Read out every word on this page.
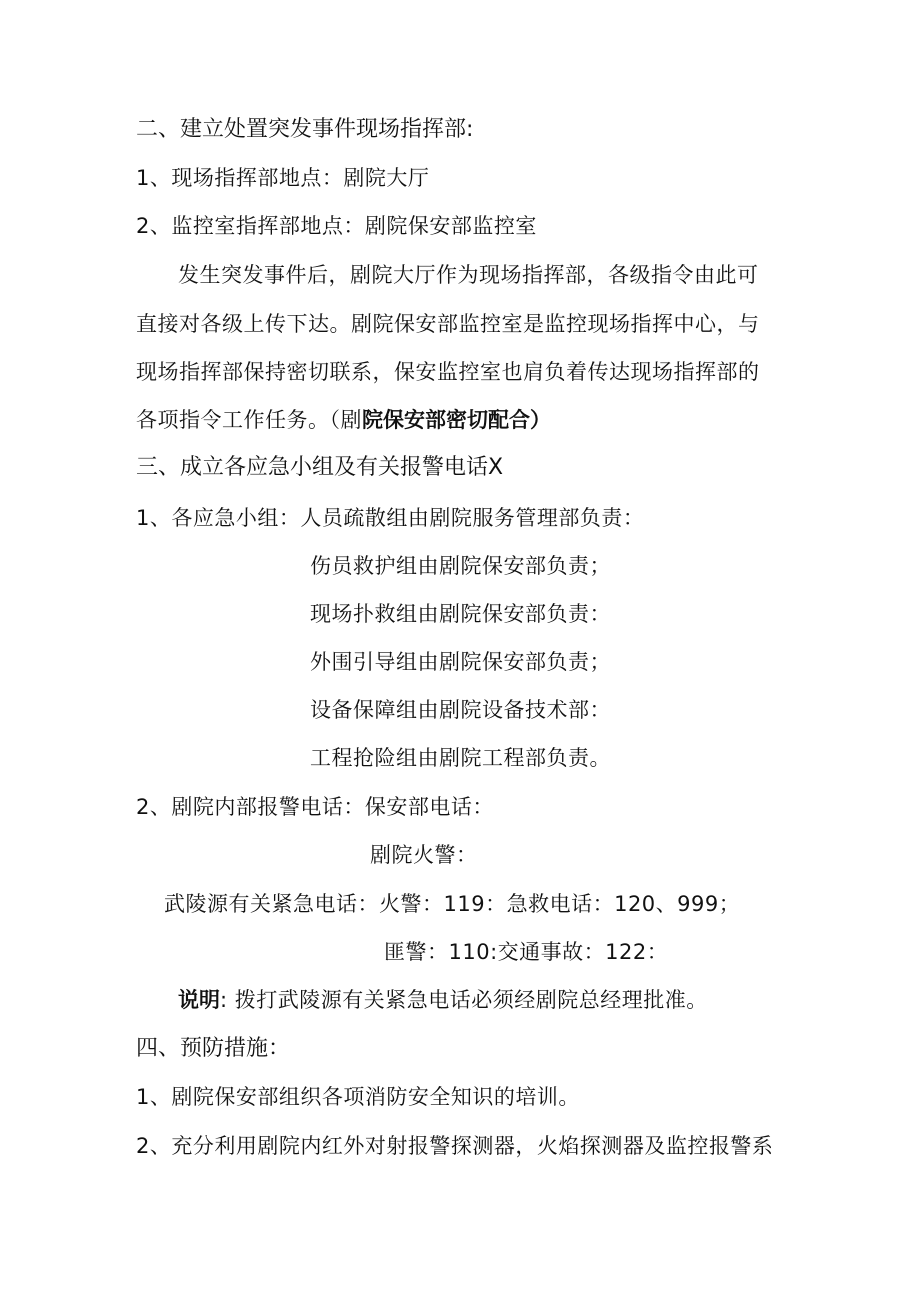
二、建立处置突发事件现场指挥部:
1、现场指挥部地点：剧院大厅
2、监控室指挥部地点：剧院保安部监控室
发生突发事件后，剧院大厅作为现场指挥部，各级指令由此可
直接对各级上传下达。剧院保安部监控室是监控现场指挥中心，与
现场指挥部保持密切联系，保安监控室也肩负着传达现场指挥部的
各项指令工作任务。（剧院保安部密切配合）
三、成立各应急小组及有关报警电话X
1、各应急小组：人员疏散组由剧院服务管理部负责：
伤员救护组由剧院保安部负责；
现场扑救组由剧院保安部负责：
外围引导组由剧院保安部负责；
设备保障组由剧院设备技术部：
工程抢险组由剧院工程部负责。
2、剧院内部报警电话：保安部电话：
剧院火警：
武陵源有关紧急电话：火警：119：急救电话：120、999；
匪警：110:交通事故：122：
说明: 拨打武陵源有关紧急电话必须经剧院总经理批准。
四、预防措施：
1、剧院保安部组织各项消防安全知识的培训。
2、充分利用剧院内红外对射报警探测器，火焰探测器及监控报警系
